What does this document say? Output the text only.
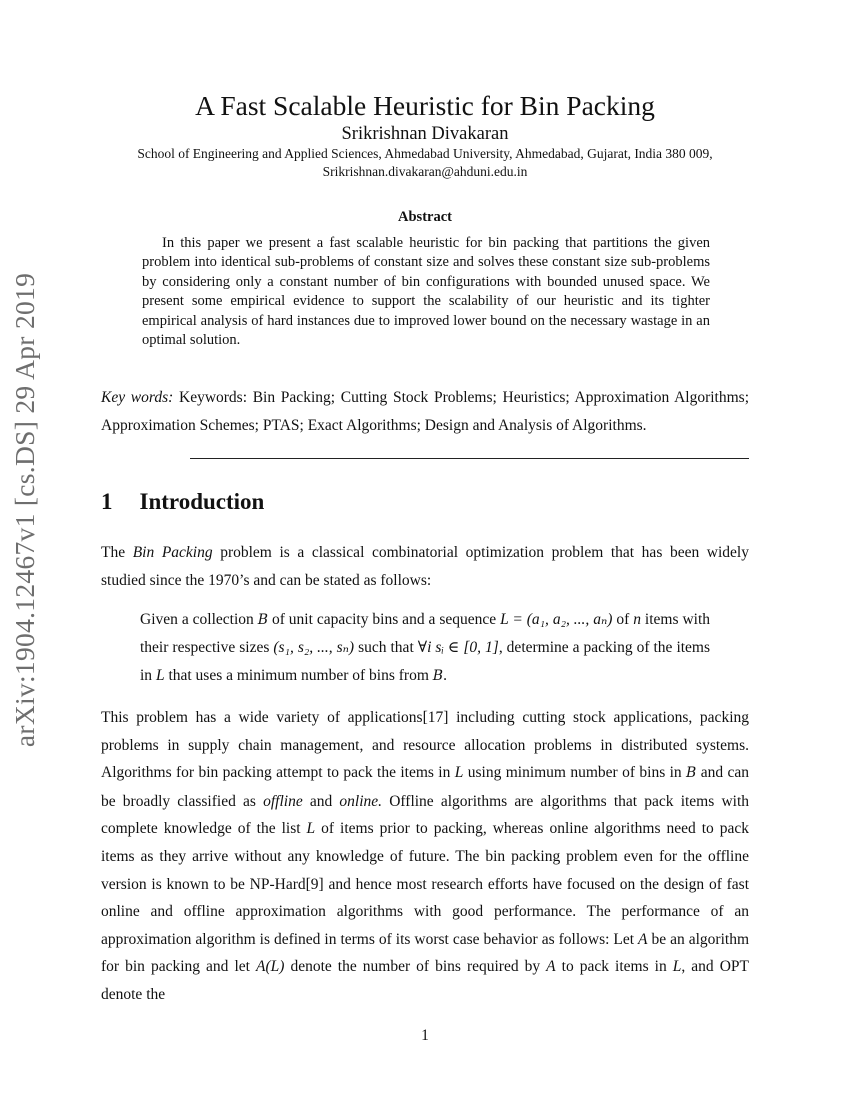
arXiv:1904.12467v1 [cs.DS] 29 Apr 2019
A Fast Scalable Heuristic for Bin Packing
Srikrishnan Divakaran
School of Engineering and Applied Sciences, Ahmedabad University, Ahmedabad, Gujarat, India 380 009,
Srikrishnan.divakaran@ahduni.edu.in
Abstract
In this paper we present a fast scalable heuristic for bin packing that partitions the given problem into identical sub-problems of constant size and solves these constant size sub-problems by considering only a constant number of bin configurations with bounded unused space. We present some empirical evidence to support the scalability of our heuristic and its tighter empirical analysis of hard instances due to improved lower bound on the necessary wastage in an optimal solution.
Key words: Keywords: Bin Packing; Cutting Stock Problems; Heuristics; Approximation Algorithms; Approximation Schemes; PTAS; Exact Algorithms; Design and Analysis of Algorithms.
1 Introduction
The Bin Packing problem is a classical combinatorial optimization problem that has been widely studied since the 1970’s and can be stated as follows:
Given a collection B of unit capacity bins and a sequence L = (a₁, a₂, ..., aₙ) of n items with their respective sizes (s₁, s₂, ..., sₙ) such that ∀i sᵢ ∈ [0, 1], determine a packing of the items in L that uses a minimum number of bins from B.
This problem has a wide variety of applications[17] including cutting stock applications, packing problems in supply chain management, and resource allocation problems in distributed systems. Algorithms for bin packing attempt to pack the items in L using minimum number of bins in B and can be broadly classified as offline and online. Offline algorithms are algorithms that pack items with complete knowledge of the list L of items prior to packing, whereas online algorithms need to pack items as they arrive without any knowledge of future. The bin packing problem even for the offline version is known to be NP-Hard[9] and hence most research efforts have focused on the design of fast online and offline approximation algorithms with good performance. The performance of an approximation algorithm is defined in terms of its worst case behavior as follows: Let A be an algorithm for bin packing and let A(L) denote the number of bins required by A to pack items in L, and OPT denote the
1
